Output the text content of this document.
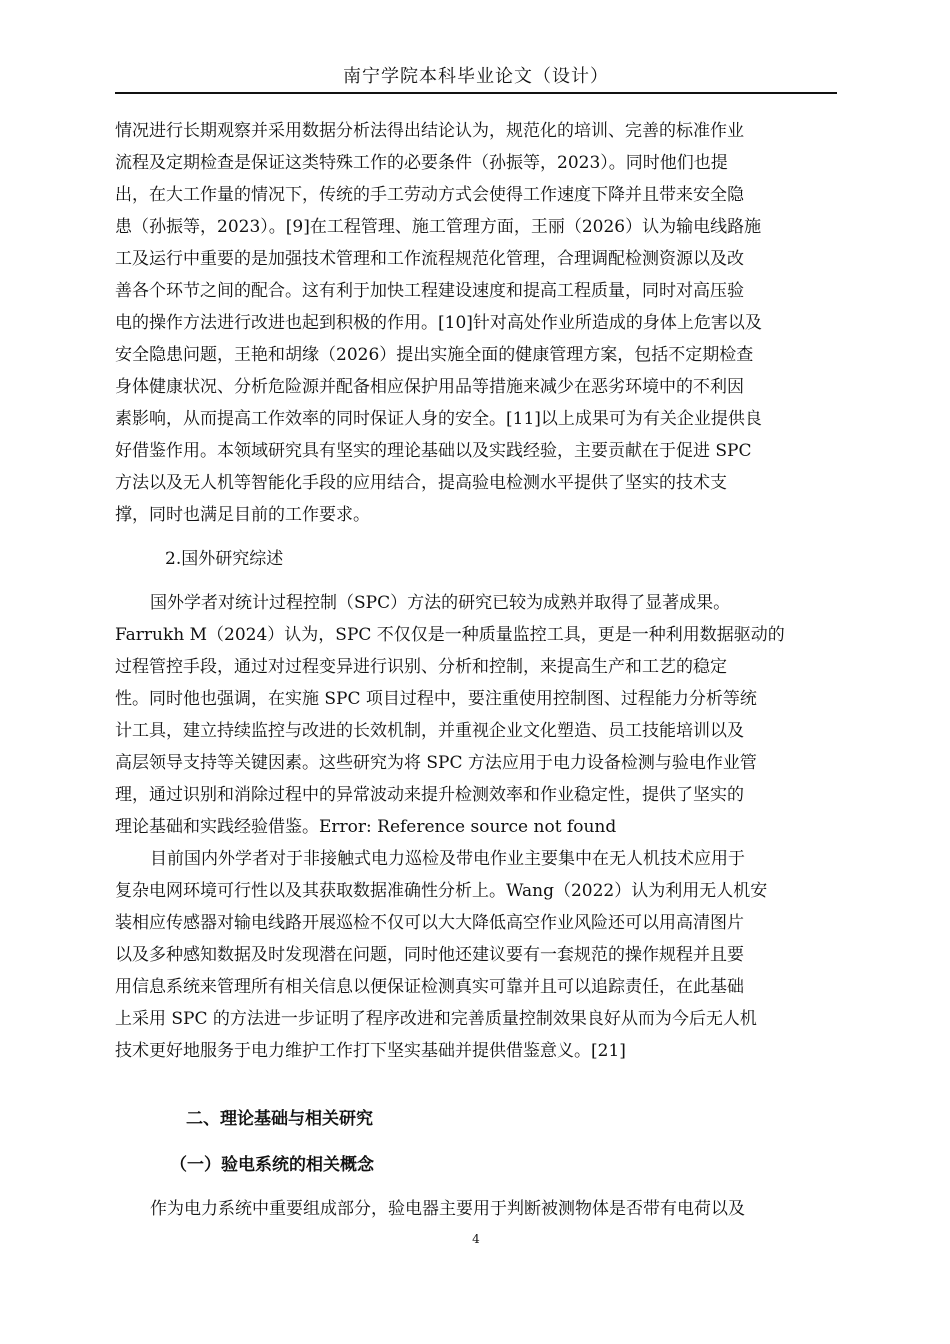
南宁学院本科毕业论文（设计）
情况进行长期观察并采用数据分析法得出结论认为，规范化的培训、完善的标准作业
流程及定期检查是保证这类特殊工作的必要条件（孙振等，2023）。同时他们也提
出，在大工作量的情况下，传统的手工劳动方式会使得工作速度下降并且带来安全隐
患（孙振等，2023）。[9]在工程管理、施工管理方面，王丽（2026）认为输电线路施
工及运行中重要的是加强技术管理和工作流程规范化管理，合理调配检测资源以及改
善各个环节之间的配合。这有利于加快工程建设速度和提高工程质量，同时对高压验
电的操作方法进行改进也起到积极的作用。[10]针对高处作业所造成的身体上危害以及
安全隐患问题，王艳和胡缘（2026）提出实施全面的健康管理方案，包括不定期检查
身体健康状况、分析危险源并配备相应保护用品等措施来减少在恶劣环境中的不利因
素影响，从而提高工作效率的同时保证人身的安全。[11]以上成果可为有关企业提供良
好借鉴作用。本领域研究具有坚实的理论基础以及实践经验，主要贡献在于促进 SPC
方法以及无人机等智能化手段的应用结合，提高验电检测水平提供了坚实的技术支
撑，同时也满足目前的工作要求。
2.国外研究综述
国外学者对统计过程控制（SPC）方法的研究已较为成熟并取得了显著成果。
Farrukh M（2024）认为，SPC 不仅仅是一种质量监控工具，更是一种利用数据驱动的
过程管控手段，通过对过程变异进行识别、分析和控制，来提高生产和工艺的稳定
性。同时他也强调，在实施 SPC 项目过程中，要注重使用控制图、过程能力分析等统
计工具，建立持续监控与改进的长效机制，并重视企业文化塑造、员工技能培训以及
高层领导支持等关键因素。这些研究为将 SPC 方法应用于电力设备检测与验电作业管
理，通过识别和消除过程中的异常波动来提升检测效率和作业稳定性，提供了坚实的
理论基础和实践经验借鉴。Error: Reference source not found
目前国内外学者对于非接触式电力巡检及带电作业主要集中在无人机技术应用于
复杂电网环境可行性以及其获取数据准确性分析上。Wang（2022）认为利用无人机安
装相应传感器对输电线路开展巡检不仅可以大大降低高空作业风险还可以用高清图片
以及多种感知数据及时发现潜在问题，同时他还建议要有一套规范的操作规程并且要
用信息系统来管理所有相关信息以便保证检测真实可靠并且可以追踪责任，在此基础
上采用 SPC 的方法进一步证明了程序改进和完善质量控制效果良好从而为今后无人机
技术更好地服务于电力维护工作打下坚实基础并提供借鉴意义。[21]
二、理论基础与相关研究
（一）验电系统的相关概念
作为电力系统中重要组成部分，验电器主要用于判断被测物体是否带有电荷以及
4
